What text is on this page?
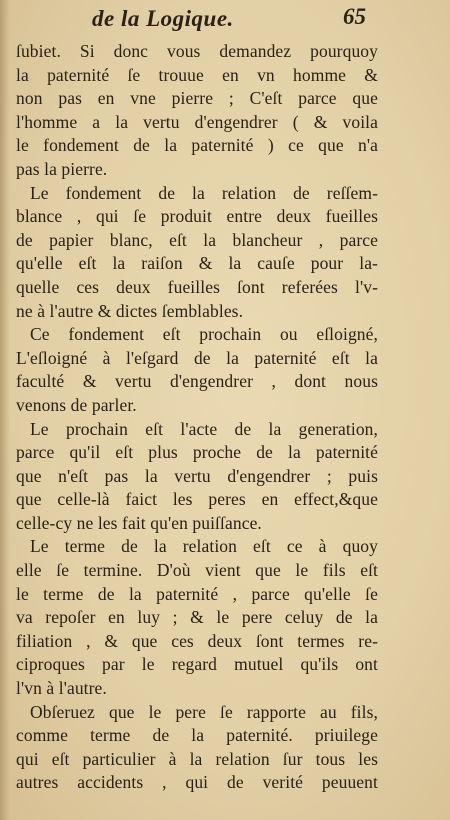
de la Logique.	65
ſubiet. Si donc vous demandez pourquoy
la paternité ſe trouue en vn homme &
non pas en vne pierre ; C'eſt parce que
l'homme a la vertu d'engendrer ( & voila
le fondement de la paternité ) ce que n'a
pas la pierre.
Le fondement de la relation de reſſem-
blance , qui ſe produit entre deux fueilles
de papier blanc, eſt la blancheur , parce
qu'elle eſt la raiſon & la cauſe pour la-
quelle ces deux fueilles ſont referées l'v-
ne à l'autre & dictes ſemblables.
Ce fondement eſt prochain ou eſloigné,
L'eſloigné à l'eſgard de la paternité eſt la
faculté & vertu d'engendrer , dont nous
venons de parler.
Le prochain eſt l'acte de la generation,
parce qu'il eſt plus proche de la paternité
que n'eſt pas la vertu d'engendrer ; puis
que celle-là faict les peres en effect,&que
celle-cy ne les fait qu'en puiſſance.
Le terme de la relation eſt ce à quoy
elle ſe termine. D'où vient que le fils eſt
le terme de la paternité , parce qu'elle ſe
va repoſer en luy ; & le pere celuy de la
filiation , & que ces deux ſont termes re-
ciproques par le regard mutuel qu'ils ont
l'vn à l'autre.
Obſeruez que le pere ſe rapporte au fils,
comme terme de la paternité. priuilege
qui eſt particulier à la relation ſur tous les
autres accidents , qui de verité peuuent
